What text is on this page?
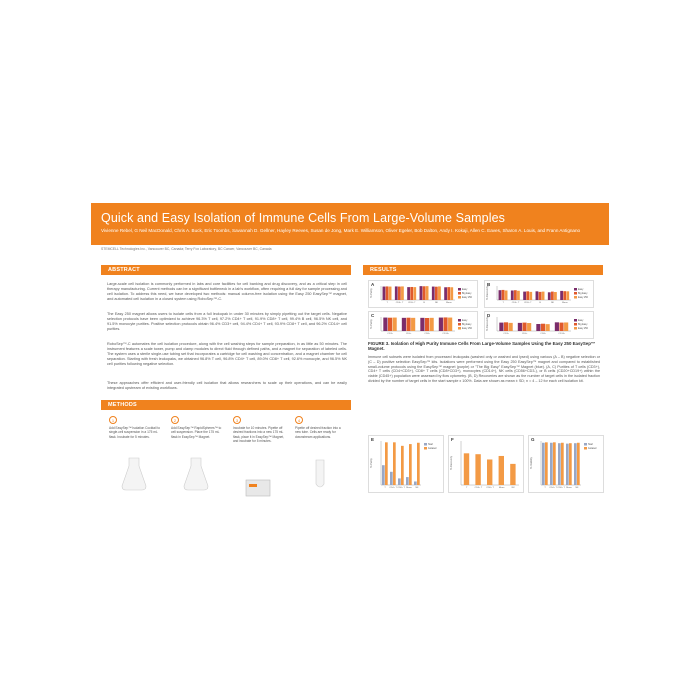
Quick and Easy Isolation of Immune Cells From Large-Volume Samples
Vivienne Rebel, G Neil MacDonald, Chris A. Buck, Eric Toombs, Savannah D. Gellner, Hayley Reeves, Susan de Jong, Mark E. Williamson, Oliver Egeler, Bob Dalton, Andy I. Kokaji, Allen C. Eaves, Sharon A. Louis, and Frann Antignano
STEMCELL Technologies Inc., Vancouver BC, Canada; Terry Fox Laboratory, BC Cancer, Vancouver BC, Canada
ABSTRACT
Large-scale cell isolation is commonly performed in labs and core facilities for cell banking and drug discovery, and as a critical step in cell therapy manufacturing. Current methods can be a significant bottleneck in a lab's workflow, often requiring a full day for sample processing and cell isolation. To address this need, we have developed two methods: manual column-free isolation using the Easy 250 EasySep™ magnet, and automated cell isolation in a closed system using RoboSep™-C.
The Easy 250 magnet allows users to isolate cells from a full leukopak in under 30 minutes by simply pipetting out the target cells. Negative selection protocols have been optimized to achieve 96.3% T cell, 97.2% CD4+ T cell, 91.9% CD8+ T cell, 99.4% B cell, 96.5% NK cell, and 91.5% monocyte purities. Positive selection protocols obtain 96.4% CD3+ cell, 94.4% CD4+ T cell, 93.9% CD8+ T cell, and 96.2% CD14+ cell purities.
RoboSep™-C automates the cell isolation procedure, along with the cell washing steps for sample preparation, in as little as 50 minutes. The instrument features a scale tower, pump and clamp modules to direct fluid through defined paths, and a magnet for separation of labeled cells. The system uses a sterile single-use tubing set that incorporates a cartridge for cell washing and concentration, and a magnet chamber for cell separation. Starting with fresh leukopaks, we obtained 96.8% T cell, 96.8% CD4+ T cell, 89.0% CD8+ T cell, 92.6% monocyte, and 96.5% NK cell purities following negative selection.
These approaches offer efficient and user-friendly cell isolation that allows researchers to scale up their operations, and can be easily integrated upstream of existing workflows.
METHODS
1
Add EasySep™ Isolation Cocktail to single-cell suspension in a 175 mL flask. Incubate for 5 minutes.
2
Add EasySep™ RapidSpheres™ to cell suspension. Place the 175 mL flask in EasySep™ Magnet.
3
Incubate for 10 minutes. Pipette off desired fractions into a new 175 mL flask, place it in EasySep™ Magnet, and incubate for 5 minutes.
4
Pipette off desired fraction into a new tube. Cells are ready for downstream applications.
RESULTS
% Purity
T	CD4+ T CD8+ T	B	NK	Mono
Easy
Big Easy
Easy 250
A
% Recovery
T	CD4+ T CD8+ T	B	NK	Mono
Easy
Big Easy
Easy 250
B
% Purity
CD3+	CD4+	CD8+	CD14+
Easy
Big Easy
Easy 250
C
% Recovery
CD3+	CD4+	CD8+	CD14+
Easy
Big Easy
Easy 250
D
FIGURE 3. Isolation of High Purity Immune Cells From Large-Volume Samples Using the Easy 250 EasySep™ Magnet.
Immune cell subsets were isolated from processed leukopaks (washed only or washed and lysed) using various (A – B) negative selection or (C – D) positive selection EasySep™ kits. Isolations were performed using the Easy 250 EasySep™ magnet and compared to established small-volume protocols using the EasySep™ magnet (purple) or "The Big Easy" EasySep™ Magnet (blue). (A, C) Purities of T cells (CD3+), CD4+ T cells (CD4+CD3+), CD8+ T cells (CD8+CD3+), monocytes (CD14+), NK cells (CD56+CD3-), or B cells (CD20+CD19+) within the viable (CD45+) population were assessed by flow cytometry. (B, D) Recoveries are shown as the number of target cells in the isolated fraction divided by the number of target cells in the start sample x 100%. Data are shown as mean ± SD; n = 4 – 12 for each cell isolation kit.
% Purity
T CD4+ T CD8+ T Mono	NK
Start
Isolated
E
% Recovery
T	CD4+ T CD8+ T Mono	NK
F
% Viability
T CD4+ T CD8+ T Mono	NK
Start
Isolated
G
